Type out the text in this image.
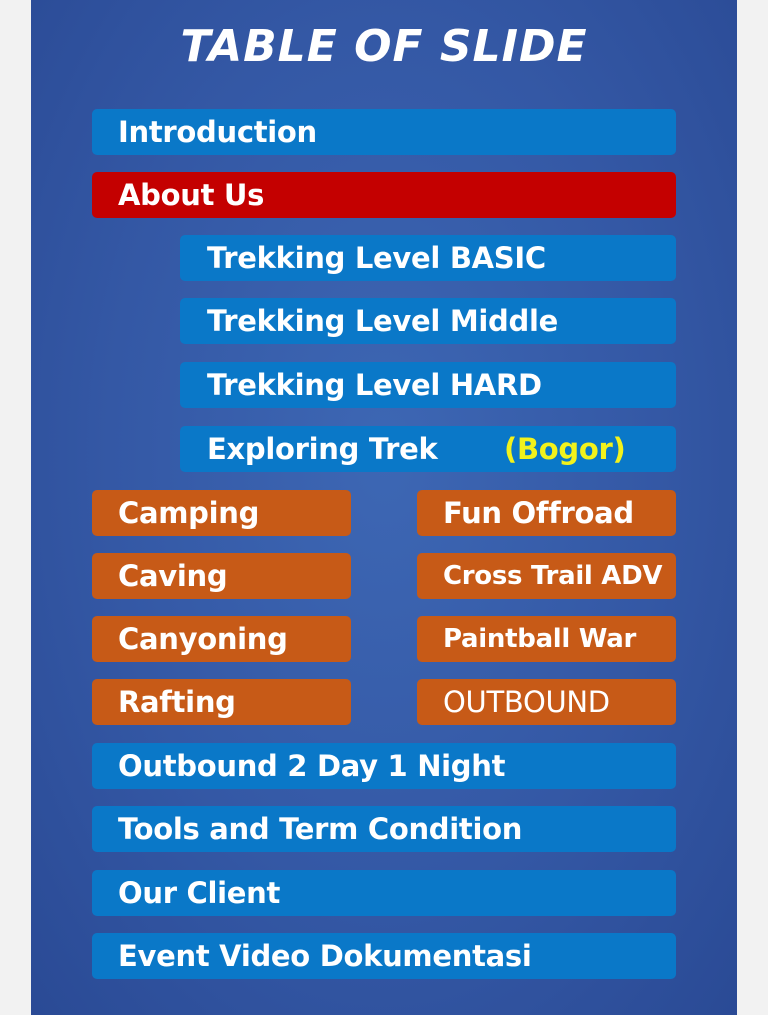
TABLE OF SLIDE
Introduction
About Us
Trekking Level BASIC
Trekking Level Middle
Trekking Level HARD
Exploring Trek (Bogor)
Camping	Fun Offroad
Caving	Cross Trail ADV
Canyoning	Paintball War
Rafting	OUTBOUND
Outbound 2 Day 1 Night
Tools and Term Condition
Our Client
Event Video Dokumentasi
